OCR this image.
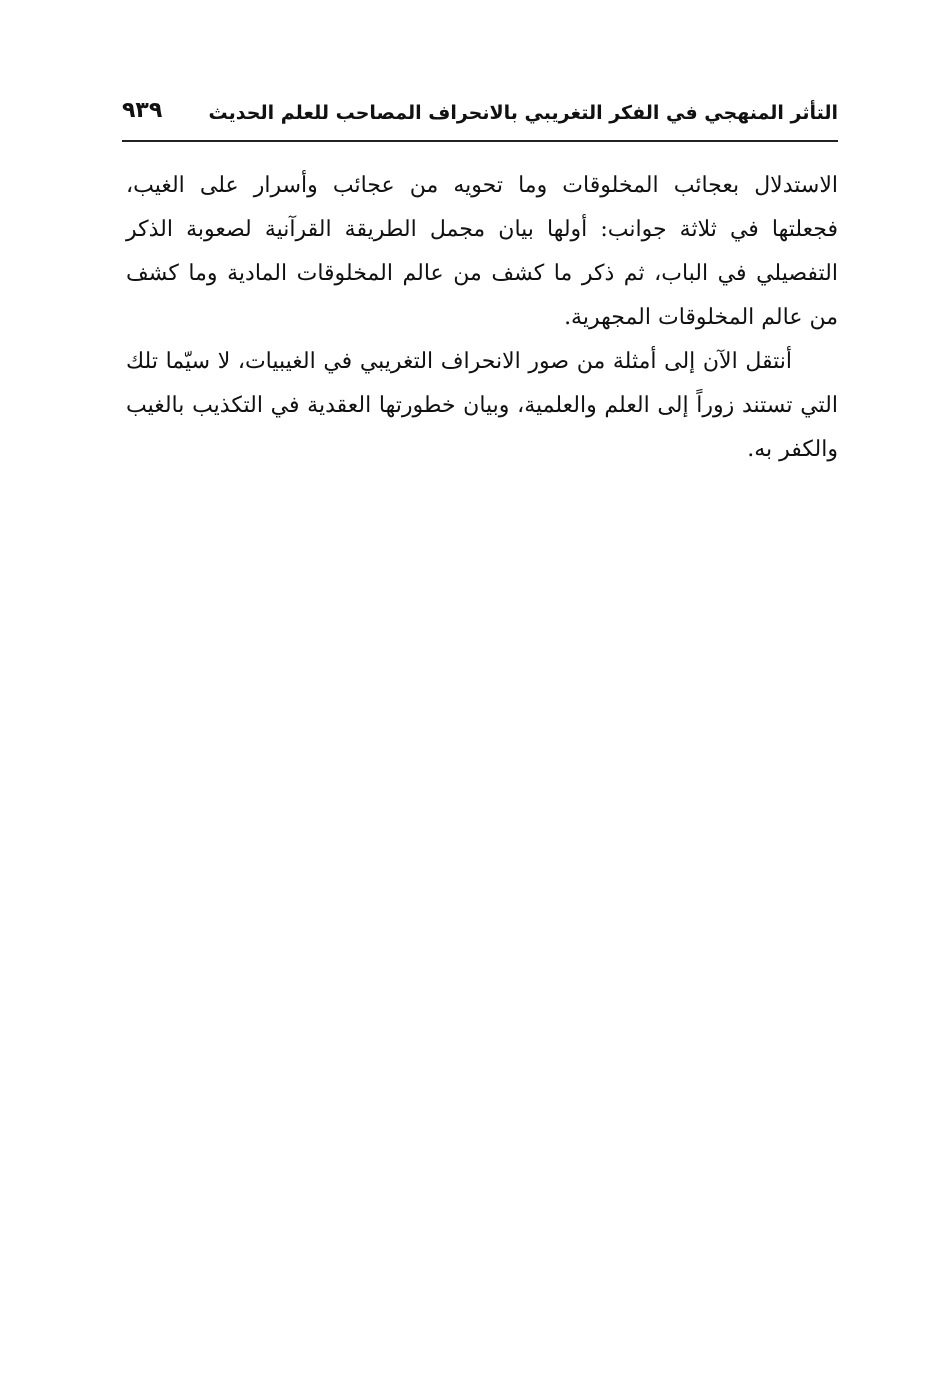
التأثر المنهجي في الفكر التغريبي بالانحراف المصاحب للعلم الحديث
٩٣٩

الاستدلال بعجائب المخلوقات وما تحويه من عجائب وأسرار على الغيب، فجعلتها في ثلاثة جوانب: أولها بيان مجمل الطريقة القرآنية لصعوبة الذكر التفصيلي في الباب، ثم ذكر ما كشف من عالم المخلوقات المادية وما كشف من عالم المخلوقات المجهرية.

أنتقل الآن إلى أمثلة من صور الانحراف التغريبي في الغيبيات، لا سيّما تلك التي تستند زوراً إلى العلم والعلمية، وبيان خطورتها العقدية في التكذيب بالغيب والكفر به.
